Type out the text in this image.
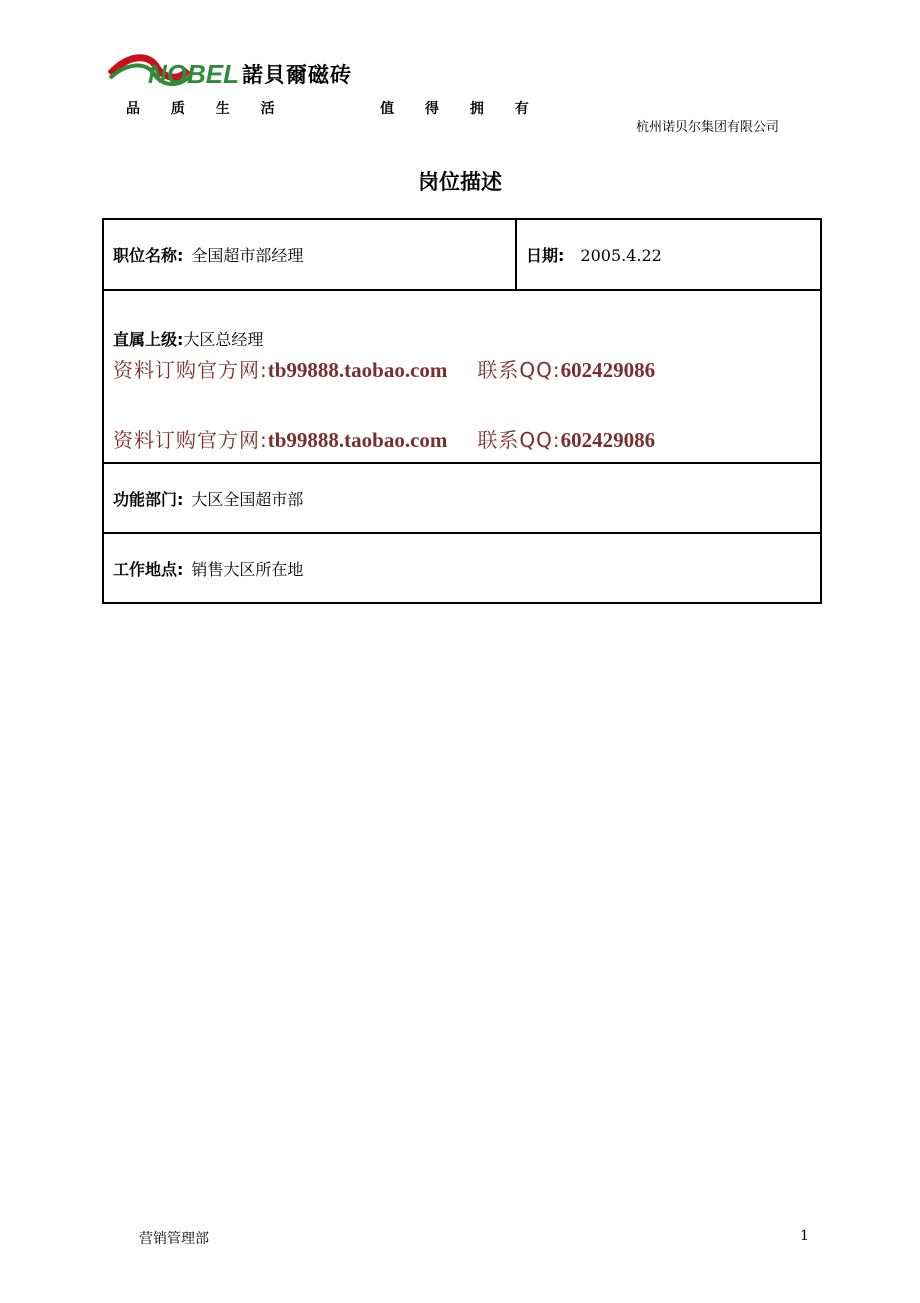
NOBEL 諾貝爾磁砖
品 质 生 活    值 得 拥 有
杭州诺贝尔集团有限公司
岗位描述
职位名称: 全国超市部经理	日期: 2005.4.22

直属上级:大区总经理
资料订购官方网:tb99888.taobao.com 联系QQ:602429086
资料订购官方网:tb99888.taobao.com 联系QQ:602429086

功能部门: 大区全国超市部
工作地点: 销售大区所在地
营销管理部	1
